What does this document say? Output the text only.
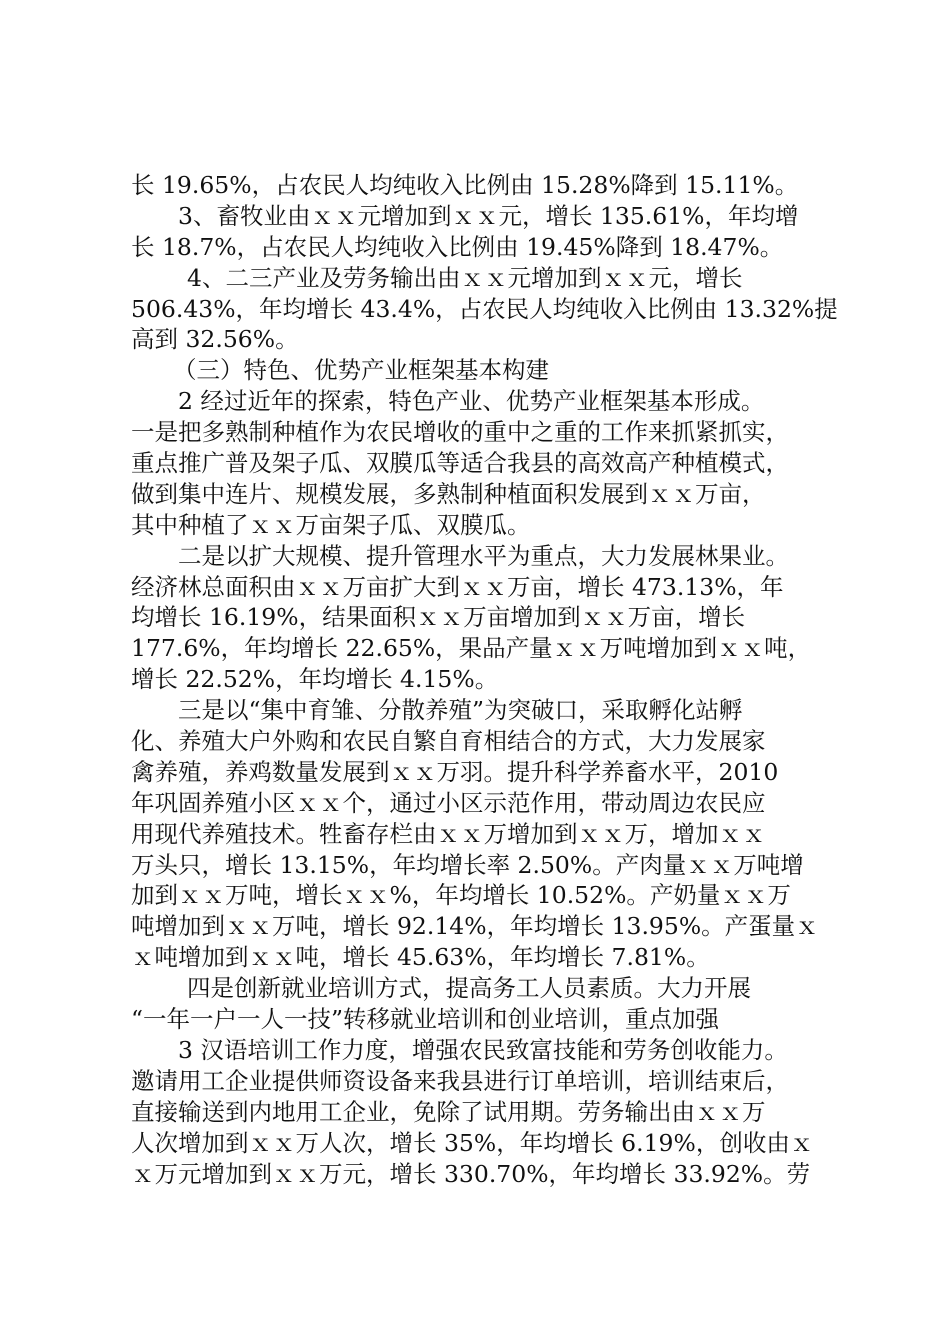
长 19.65%，占农民人均纯收入比例由 15.28%降到 15.11%。
3、畜牧业由ｘｘ元增加到ｘｘ元，增长 135.61%，年均增
长 18.7%，占农民人均纯收入比例由 19.45%降到 18.47%。
4、二三产业及劳务输出由ｘｘ元增加到ｘｘ元，增长
506.43%，年均增长 43.4%，占农民人均纯收入比例由 13.32%提
高到 32.56%。
（三）特色、优势产业框架基本构建
2 经过近年的探索，特色产业、优势产业框架基本形成。
一是把多熟制种植作为农民增收的重中之重的工作来抓紧抓实，
重点推广普及架子瓜、双膜瓜等适合我县的高效高产种植模式，
做到集中连片、规模发展，多熟制种植面积发展到ｘｘ万亩，
其中种植了ｘｘ万亩架子瓜、双膜瓜。
二是以扩大规模、提升管理水平为重点，大力发展林果业。
经济林总面积由ｘｘ万亩扩大到ｘｘ万亩，增长 473.13%，年
均增长 16.19%，结果面积ｘｘ万亩增加到ｘｘ万亩，增长
177.6%，年均增长 22.65%，果品产量ｘｘ万吨增加到ｘｘ吨，
增长 22.52%，年均增长 4.15%。
三是以“集中育雏、分散养殖”为突破口，采取孵化站孵
化、养殖大户外购和农民自繁自育相结合的方式，大力发展家
禽养殖，养鸡数量发展到ｘｘ万羽。提升科学养畜水平，2010
年巩固养殖小区ｘｘ个，通过小区示范作用，带动周边农民应
用现代养殖技术。牲畜存栏由ｘｘ万增加到ｘｘ万，增加ｘｘ
万头只，增长 13.15%，年均增长率 2.50%。产肉量ｘｘ万吨增
加到ｘｘ万吨，增长ｘｘ%，年均增长 10.52%。产奶量ｘｘ万
吨增加到ｘｘ万吨，增长 92.14%，年均增长 13.95%。产蛋量ｘ
ｘ吨增加到ｘｘ吨，增长 45.63%，年均增长 7.81%。
四是创新就业培训方式，提高务工人员素质。大力开展
“一年一户一人一技”转移就业培训和创业培训，重点加强
3 汉语培训工作力度，增强农民致富技能和劳务创收能力。
邀请用工企业提供师资设备来我县进行订单培训，培训结束后，
直接输送到内地用工企业，免除了试用期。劳务输出由ｘｘ万
人次增加到ｘｘ万人次，增长 35%，年均增长 6.19%，创收由ｘ
ｘ万元增加到ｘｘ万元，增长 330.70%，年均增长 33.92%。劳
